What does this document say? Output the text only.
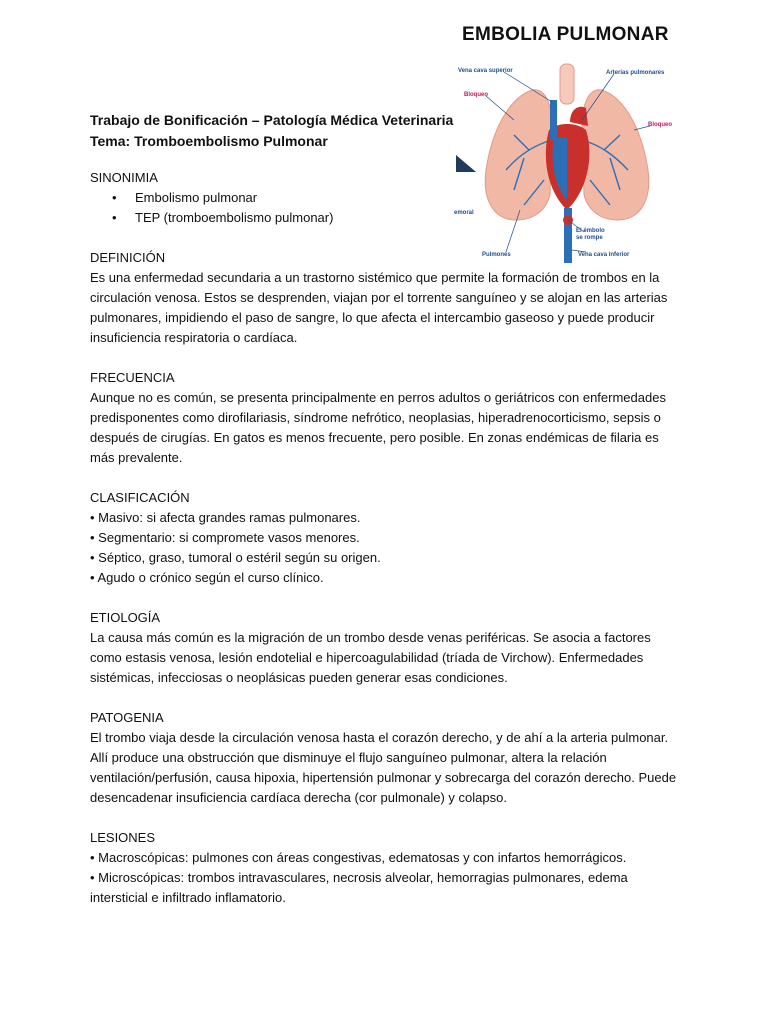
EMBOLIA PULMONAR
Vena cava superior	Arterias pulmonares
Bloqueo
Bloqueo
emoral
El émbolo
se rompe
Pulmones	Vena cava inferior
Trabajo de Bonificación – Patología Médica Veterinaria
Tema: Tromboembolismo Pulmonar
SINONIMIA
• Embolismo pulmonar
• TEP (tromboembolismo pulmonar)
DEFINICIÓN

Es una enfermedad secundaria a un trastorno sistémico que permite la formación de trombos en la circulación venosa. Estos se desprenden, viajan por el torrente sanguíneo y se alojan en las arterias pulmonares, impidiendo el paso de sangre, lo que afecta el intercambio gaseoso y puede producir insuficiencia respiratoria o cardíaca.

FRECUENCIA

Aunque no es común, se presenta principalmente en perros adultos o geriátricos con enfermedades predisponentes como dirofilariasis, síndrome nefrótico, neoplasias, hiperadrenocorticismo, sepsis o después de cirugías. En gatos es menos frecuente, pero posible. En zonas endémicas de filaria es más prevalente.

CLASIFICACIÓN
• Masivo: si afecta grandes ramas pulmonares.
• Segmentario: si compromete vasos menores.
• Séptico, graso, tumoral o estéril según su origen.
• Agudo o crónico según el curso clínico.
ETIOLOGÍA

La causa más común es la migración de un trombo desde venas periféricas. Se asocia a factores como estasis venosa, lesión endotelial e hipercoagulabilidad (tríada de Virchow). Enfermedades sistémicas, infecciosas o neoplásicas pueden generar esas condiciones.

PATOGENIA

El trombo viaja desde la circulación venosa hasta el corazón derecho, y de ahí a la arteria pulmonar. Allí produce una obstrucción que disminuye el flujo sanguíneo pulmonar, altera la relación ventilación/perfusión, causa hipoxia, hipertensión pulmonar y sobrecarga del corazón derecho. Puede desencadenar insuficiencia cardíaca derecha (cor pulmonale) y colapso.

LESIONES
• Macroscópicas: pulmones con áreas congestivas, edematosas y con infartos hemorrágicos.
• Microscópicas: trombos intravasculares, necrosis alveolar, hemorragias pulmonares, edema intersticial e infiltrado inflamatorio.
